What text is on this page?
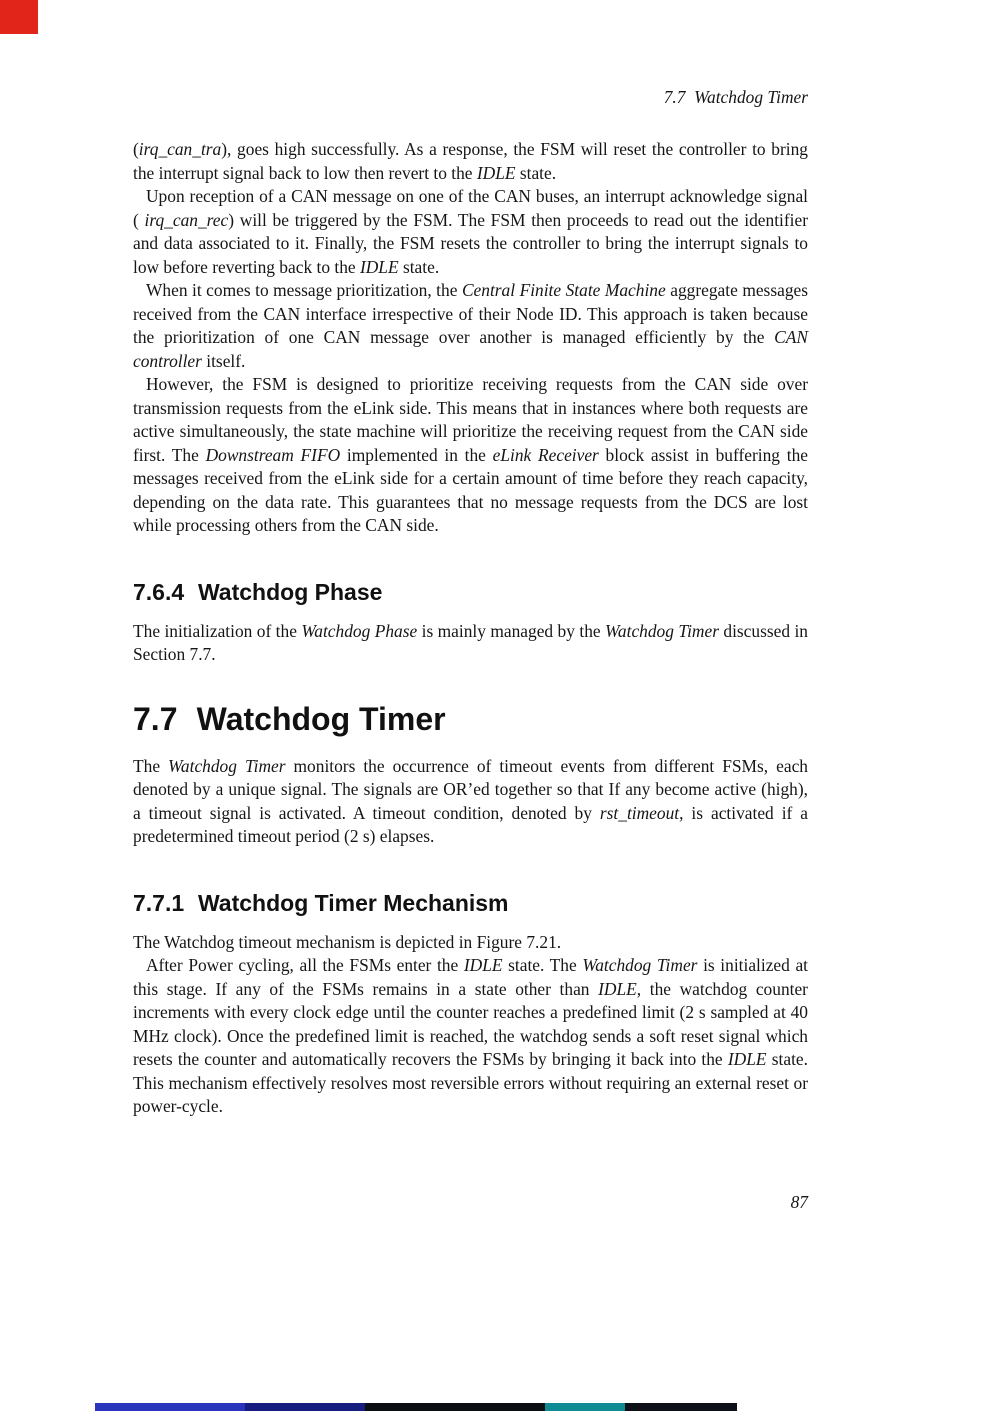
7.7 Watchdog Timer

(irq_can_tra), goes high successfully. As a response, the FSM will reset the controller to bring the interrupt signal back to low then revert to the IDLE state.

Upon reception of a CAN message on one of the CAN buses, an interrupt acknowledge signal ( irq_can_rec) will be triggered by the FSM. The FSM then proceeds to read out the identifier and data associated to it. Finally, the FSM resets the controller to bring the interrupt signals to low before reverting back to the IDLE state.

When it comes to message prioritization, the Central Finite State Machine aggregate messages received from the CAN interface irrespective of their Node ID. This approach is taken because the prioritization of one CAN message over another is managed efficiently by the CAN controller itself.

However, the FSM is designed to prioritize receiving requests from the CAN side over transmission requests from the eLink side. This means that in instances where both requests are active simultaneously, the state machine will prioritize the receiving request from the CAN side first. The Downstream FIFO implemented in the eLink Receiver block assist in buffering the messages received from the eLink side for a certain amount of time before they reach capacity, depending on the data rate. This guarantees that no message requests from the DCS are lost while processing others from the CAN side.

7.6.4 Watchdog Phase

The initialization of the Watchdog Phase is mainly managed by the Watchdog Timer discussed in Section 7.7.

7.7 Watchdog Timer

The Watchdog Timer monitors the occurrence of timeout events from different FSMs, each denoted by a unique signal. The signals are OR’ed together so that If any become active (high), a timeout signal is activated. A timeout condition, denoted by rst_timeout, is activated if a predetermined timeout period (2 s) elapses.

7.7.1 Watchdog Timer Mechanism

The Watchdog timeout mechanism is depicted in Figure 7.21.

After Power cycling, all the FSMs enter the IDLE state. The Watchdog Timer is initialized at this stage. If any of the FSMs remains in a state other than IDLE, the watchdog counter increments with every clock edge until the counter reaches a predefined limit (2 s sampled at 40 MHz clock). Once the predefined limit is reached, the watchdog sends a soft reset signal which resets the counter and automatically recovers the FSMs by bringing it back into the IDLE state. This mechanism effectively resolves most reversible errors without requiring an external reset or power-cycle.

87
